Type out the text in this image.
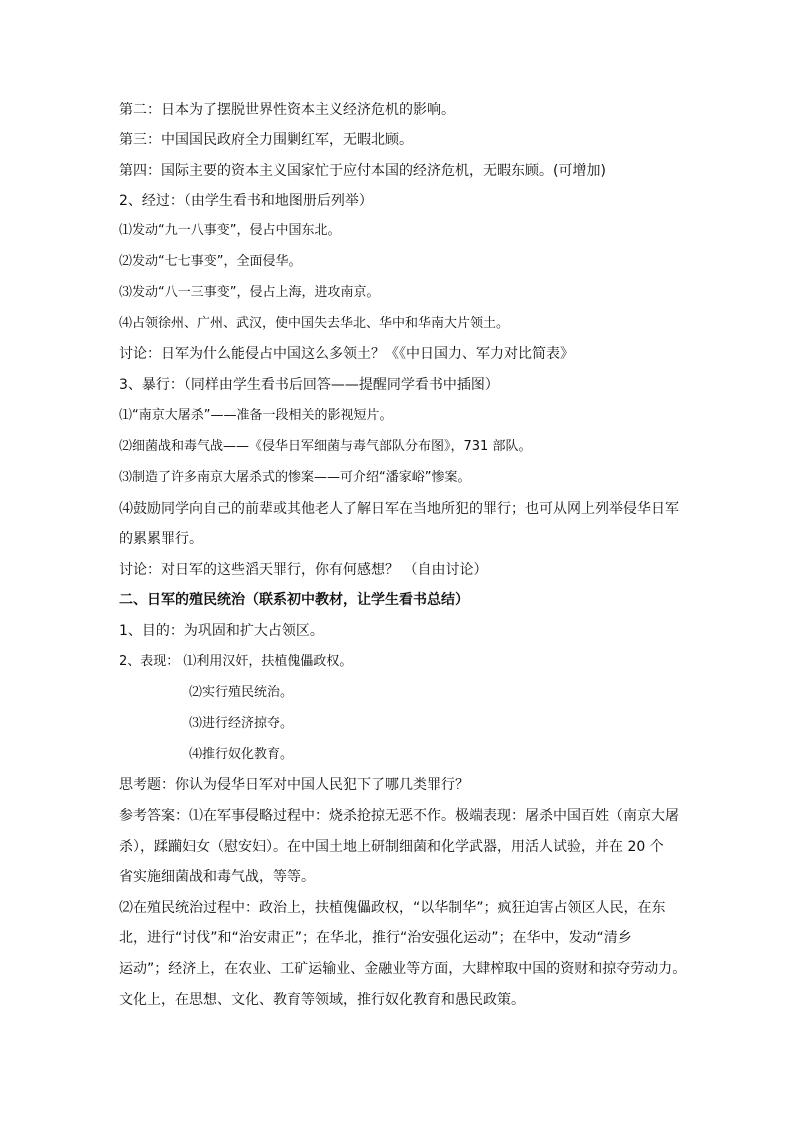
第二：日本为了摆脱世界性资本主义经济危机的影响。
第三：中国国民政府全力围剿红军，无暇北顾。
第四：国际主要的资本主义国家忙于应付本国的经济危机，无暇东顾。(可增加)
2、经过：（由学生看书和地图册后列举）
⑴发动“九一八事变”，侵占中国东北。
⑵发动“七七事变”，全面侵华。
⑶发动“八一三事变”，侵占上海，进攻南京。
⑷占领徐州、广州、武汉，使中国失去华北、华中和华南大片领土。
讨论：日军为什么能侵占中国这么多领土？《《中日国力、军力对比简表》
3、暴行：（同样由学生看书后回答——提醒同学看书中插图）
⑴“南京大屠杀”——准备一段相关的影视短片。
⑵细菌战和毒气战——《侵华日军细菌与毒气部队分布图》，731 部队。
⑶制造了许多南京大屠杀式的惨案——可介绍“潘家峪”惨案。
⑷鼓励同学向自己的前辈或其他老人了解日军在当地所犯的罪行；也可从网上列举侵华日军
的累累罪行。
讨论：对日军的这些滔天罪行，你有何感想？ （自由讨论）
二、日军的殖民统治（联系初中教材，让学生看书总结）
1、目的：为巩固和扩大占领区。
2、表现： ⑴利用汉奸，扶植傀儡政权。
⑵实行殖民统治。
⑶进行经济掠夺。
⑷推行奴化教育。
思考题：你认为侵华日军对中国人民犯下了哪几类罪行？
参考答案：⑴在军事侵略过程中：烧杀抢掠无恶不作。极端表现：屠杀中国百姓（南京大屠
杀），蹂躏妇女（慰安妇）。在中国土地上研制细菌和化学武器，用活人试验，并在 20 个
省实施细菌战和毒气战，等等。
⑵在殖民统治过程中：政治上，扶植傀儡政权，“以华制华”；疯狂迫害占领区人民，在东
北，进行“讨伐”和“治安肃正”；在华北，推行“治安强化运动”；在华中，发动“清乡
运动”；经济上，在农业、工矿运输业、金融业等方面，大肆榨取中国的资财和掠夺劳动力。
文化上，在思想、文化、教育等领域，推行奴化教育和愚民政策。
